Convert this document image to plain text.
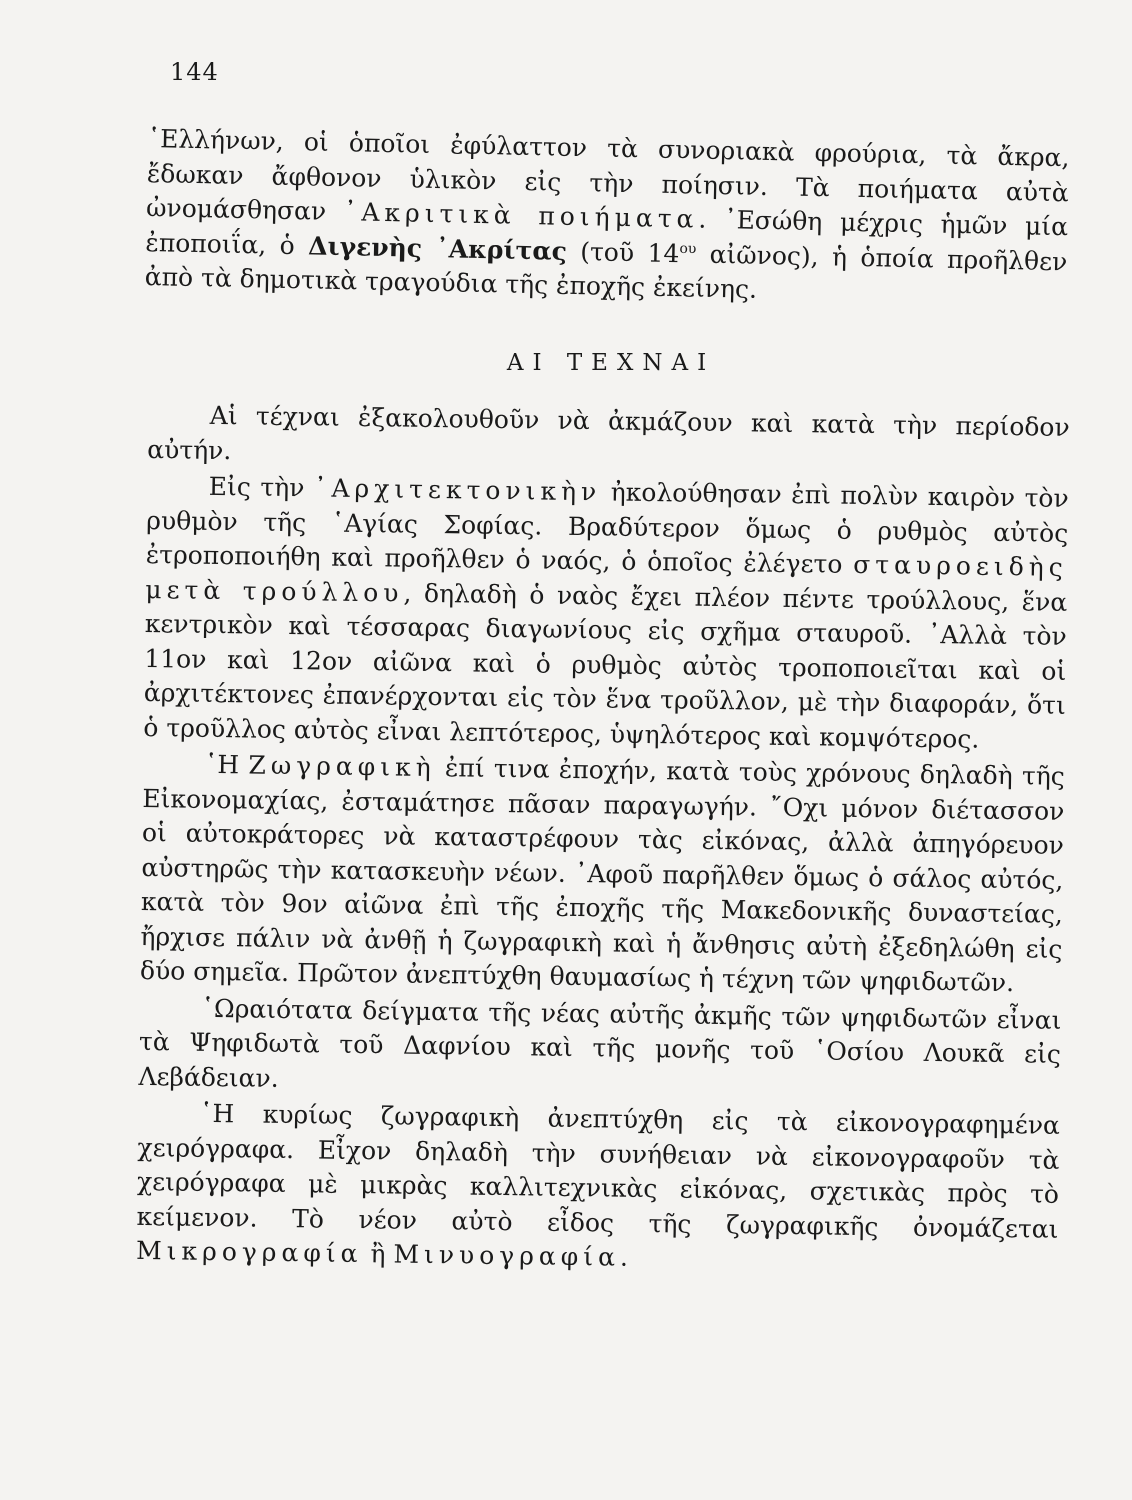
144

῾Ελλήνων, οἱ ὁποῖοι ἐφύλαττον τὰ συνοριακὰ φρούρια, τὰ ἄκρα, ἔδωκαν ἄφθονον ὑλικὸν εἰς τὴν ποίησιν. Τὰ ποιήματα αὐτὰ ὠνομάσθησαν ᾿Ακριτικὰ ποιήματα. ᾿Εσώθη μέχρις ἡμῶν μία ἐποποιΐα, ὁ Διγενὴς ᾿Ακρίτας (τοῦ $14^{o\upsilon}$ αἰῶνος), ἡ ὁποία προῆλθεν ἀπὸ τὰ δημοτικὰ τραγούδια τῆς ἐποχῆς ἐκείνης.

ΑΙ ΤΕΧΝΑΙ

Αἱ τέχναι ἐξακολουθοῦν νὰ ἀκμάζουν καὶ κατὰ τὴν περίοδον αὐτήν.

Εἰς τὴν ᾿Αρχιτεκτονικὴν ἠκολούθησαν ἐπὶ πολὺν καιρὸν τὸν ρυθμὸν τῆς ῾Αγίας Σοφίας. Βραδύτερον ὅμως ὁ ρυθμὸς αὐτὸς ἐτροποποιήθη καὶ προῆλθεν ὁ ναός, ὁ ὁποῖος ἐλέγετο σταυροειδὴς μετὰ τρούλλου, δηλαδὴ ὁ ναὸς ἔχει πλέον πέντε τρούλλους, ἕνα κεντρικὸν καὶ τέσσαρας διαγωνίους εἰς σχῆμα σταυροῦ. ᾿Αλλὰ τὸν 11ον καὶ 12ον αἰῶνα καὶ ὁ ρυθμὸς αὐτὸς τροποποιεῖται καὶ οἱ ἀρχιτέκτονες ἐπανέρχονται εἰς τὸν ἕνα τροῦλλον, μὲ τὴν διαφοράν, ὅτι ὁ τροῦλλος αὐτὸς εἶναι λεπτότερος, ὑψηλότερος καὶ κομψότερος.

῾Η Ζωγραφικὴ ἐπί τινα ἐποχήν, κατὰ τοὺς χρόνους δηλαδὴ τῆς Εἰκονομαχίας, ἐσταμάτησε πᾶσαν παραγωγήν. ῎Οχι μόνον διέτασσον οἱ αὐτοκράτορες νὰ καταστρέφουν τὰς εἰκόνας, ἀλλὰ ἀπηγόρευον αὐστηρῶς τὴν κατασκευὴν νέων. ᾿Αφοῦ παρῆλθεν ὅμως ὁ σάλος αὐτός, κατὰ τὸν 9ον αἰῶνα ἐπὶ τῆς ἐποχῆς τῆς Μακεδονικῆς δυναστείας, ἤρχισε πάλιν νὰ ἀνθῇ ἡ ζωγραφικὴ καὶ ἡ ἄνθησις αὐτὴ ἐξεδηλώθη εἰς δύο σημεῖα. Πρῶτον ἀνεπτύχθη θαυμασίως ἡ τέχνη τῶν ψηφιδωτῶν.

῾Ωραιότατα δείγματα τῆς νέας αὐτῆς ἀκμῆς τῶν ψηφιδωτῶν εἶναι τὰ Ψηφιδωτὰ τοῦ Δαφνίου καὶ τῆς μονῆς τοῦ ῾Οσίου Λουκᾶ εἰς Λεβάδειαν.

῾Η κυρίως ζωγραφικὴ ἀνεπτύχθη εἰς τὰ εἰκονογραφημένα χειρόγραφα. Εἶχον δηλαδὴ τὴν συνήθειαν νὰ εἰκονογραφοῦν τὰ χειρόγραφα μὲ μικρὰς καλλιτεχνικὰς εἰκόνας, σχετικὰς πρὸς τὸ κείμενον. Τὸ νέον αὐτὸ εἶδος τῆς ζωγραφικῆς ὀνομάζεται Μικρογραφία ἢ Μινυογραφία.
